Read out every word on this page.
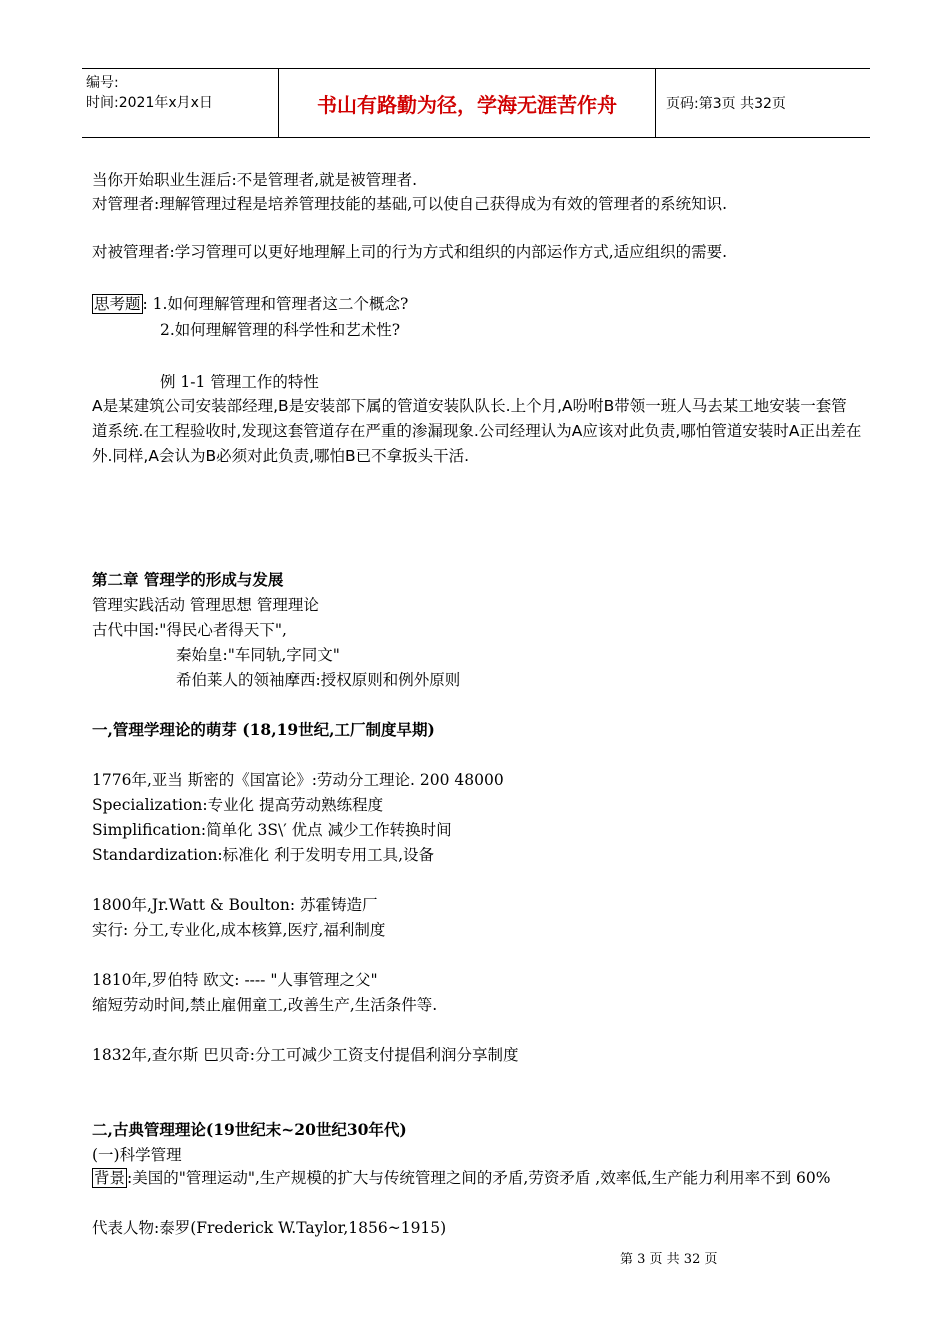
编号:
时间:2021年x月x日	书山有路勤为径，学海无涯苦作舟	页码:第3页 共32页
当你开始职业生涯后:不是管理者,就是被管理者.
对管理者:理解管理过程是培养管理技能的基础,可以使自己获得成为有效的管理者的系统知识.
对被管理者:学习管理可以更好地理解上司的行为方式和组织的内部运作方式,适应组织的需要.
思考题 : 1.如何理解管理和管理者这二个概念?
2.如何理解管理的科学性和艺术性?
例 1-1 管理工作的特性
A是某建筑公司安装部经理,B是安装部下属的管道安装队队长.上个月,A吩咐B带领一班人马去某工地安装一套管道系统.在工程验收时,发现这套管道存在严重的渗漏现象.公司经理认为A应该对此负责,哪怕管道安装时A正出差在外.同样,A会认为B必须对此负责,哪怕B已不拿扳头干活.
第二章 管理学的形成与发展
管理实践活动 管理思想 管理理论
古代中国:"得民心者得天下",
秦始皇:"车同轨,字同文"
希伯莱人的领袖摩西:授权原则和例外原则
一,管理学理论的萌芽 (18,19世纪,工厂制度早期)
1776年,亚当 斯密的《国富论》:劳动分工理论. 200 48000
Specialization:专业化 提高劳动熟练程度
Simplification:简单化 3S\′ 优点 减少工作转换时间
Standardization:标准化 利于发明专用工具,设备
1800年,Jr.Watt & Boulton: 苏霍铸造厂
实行: 分工,专业化,成本核算,医疗,福利制度
1810年,罗伯特 欧文: ---- "人事管理之父"
缩短劳动时间,禁止雇佣童工,改善生产,生活条件等.
1832年,查尔斯 巴贝奇:分工可减少工资支付提倡利润分享制度
二,古典管理理论(19世纪末~20世纪30年代)
(一)科学管理
背景 :美国的"管理运动",生产规模的扩大与传统管理之间的矛盾,劳资矛盾 ,效率低,生产能力利用率不到 60%
代表人物:泰罗(Frederick W.Taylor,1856~1915)
第 3 页 共 32 页
